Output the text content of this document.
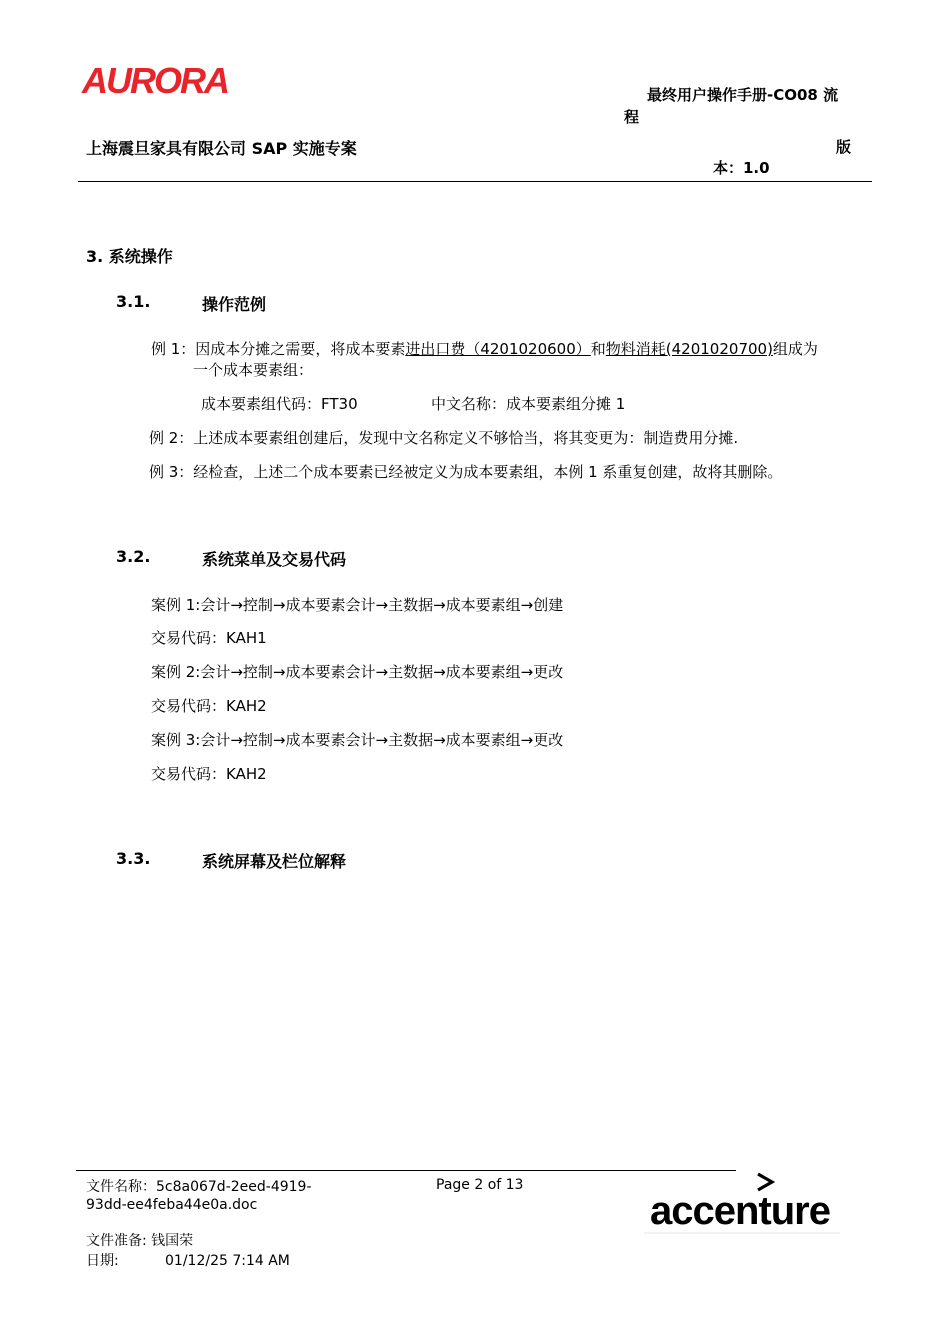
AURORA	最终用户操作手册-CO08 流
程
上海震旦家具有限公司 SAP 实施专案	版
本：1.0
3. 系统操作
3.1.	操作范例
例 1：因成本分摊之需要，将成本要素进出口费（4201020600）和物料消耗(4201020700)组成为
一个成本要素组：
成本要素组代码：FT30	中文名称：成本要素组分摊 1
例 2：上述成本要素组创建后，发现中文名称定义不够恰当，将其变更为：制造费用分摊.
例 3：经检查，上述二个成本要素已经被定义为成本要素组，本例 1 系重复创建，故将其删除。
3.2.	系统菜单及交易代码
案例 1:会计→控制→成本要素会计→主数据→成本要素组→创建
交易代码：KAH1
案例 2:会计→控制→成本要素会计→主数据→成本要素组→更改
交易代码：KAH2
案例 3:会计→控制→成本要素会计→主数据→成本要素组→更改
交易代码：KAH2
3.3.	系统屏幕及栏位解释
文件名称：5c8a067d-2eed-4919-
93dd-ee4feba44e0a.doc
Page 2 of 13
文件准备: 钱国荣
日期:	01/12/25 7:14 AM
accenture
